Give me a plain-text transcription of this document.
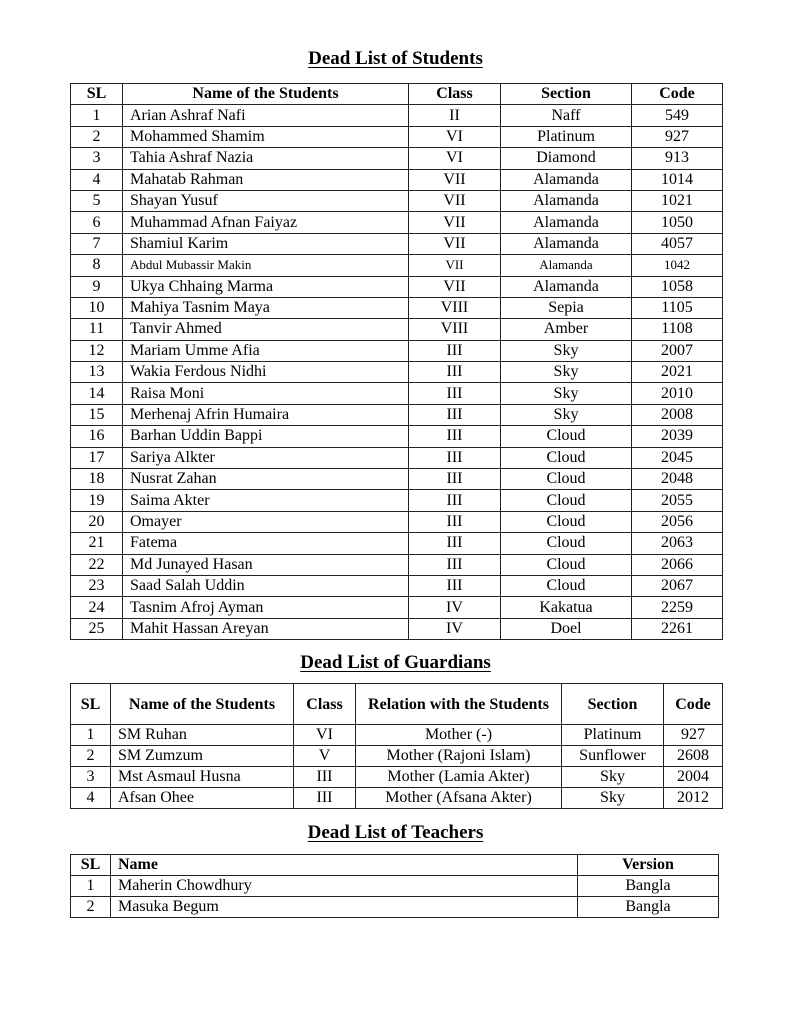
Dead List of Students
SL	Name of the Students	Class	Section	Code
1	Arian Ashraf Nafi	II	Naff	549
2	Mohammed Shamim	VI	Platinum	927
3	Tahia Ashraf Nazia	VI	Diamond	913
4	Mahatab Rahman	VII	Alamanda	1014
5	Shayan Yusuf	VII	Alamanda	1021
6	Muhammad Afnan Faiyaz	VII	Alamanda	1050
7	Shamiul Karim	VII	Alamanda	4057
8	Abdul Mubassir Makin	VII	Alamanda	1042
9	Ukya Chhaing Marma	VII	Alamanda	1058
10	Mahiya Tasnim Maya	VIII	Sepia	1105
11	Tanvir Ahmed	VIII	Amber	1108
12	Mariam Umme Afia	III	Sky	2007
13	Wakia Ferdous Nidhi	III	Sky	2021
14	Raisa Moni	III	Sky	2010
15	Merhenaj Afrin Humaira	III	Sky	2008
16	Barhan Uddin Bappi	III	Cloud	2039
17	Sariya Alkter	III	Cloud	2045
18	Nusrat Zahan	III	Cloud	2048
19	Saima Akter	III	Cloud	2055
20	Omayer	III	Cloud	2056
21	Fatema	III	Cloud	2063
22	Md Junayed Hasan	III	Cloud	2066
23	Saad Salah Uddin	III	Cloud	2067
24	Tasnim Afroj Ayman	IV	Kakatua	2259
25	Mahit Hassan Areyan	IV	Doel	2261
Dead List of Guardians
SL	Name of the Students	Class	Relation with the Students	Section	Code
1	SM Ruhan	VI	Mother (-)	Platinum	927
2	SM Zumzum	V	Mother (Rajoni Islam)	Sunflower	2608
3	Mst Asmaul Husna	III	Mother (Lamia Akter)	Sky	2004
4	Afsan Ohee	III	Mother (Afsana Akter)	Sky	2012
Dead List of Teachers
SL	Name	Version
1	Maherin Chowdhury	Bangla
2	Masuka Begum	Bangla
